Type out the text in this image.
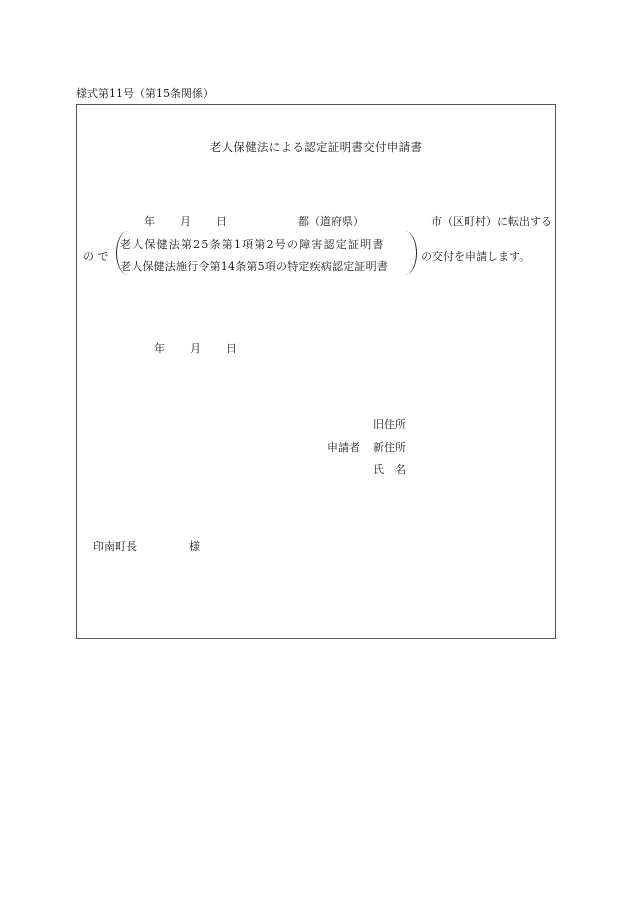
様式第11号（第15条関係）
老人保健法による認定証明書交付申請書
年 月 日	都（道府県）	市（区町村）に転出する
の で
老人保健法第25条第1項第2号の障害認定証明書
老人保健法施行令第14条第5項の特定疾病認定証明書
の交付を申請します。
年 月 日
旧住所
申請者 新住所
氏　名
印南町長	様
